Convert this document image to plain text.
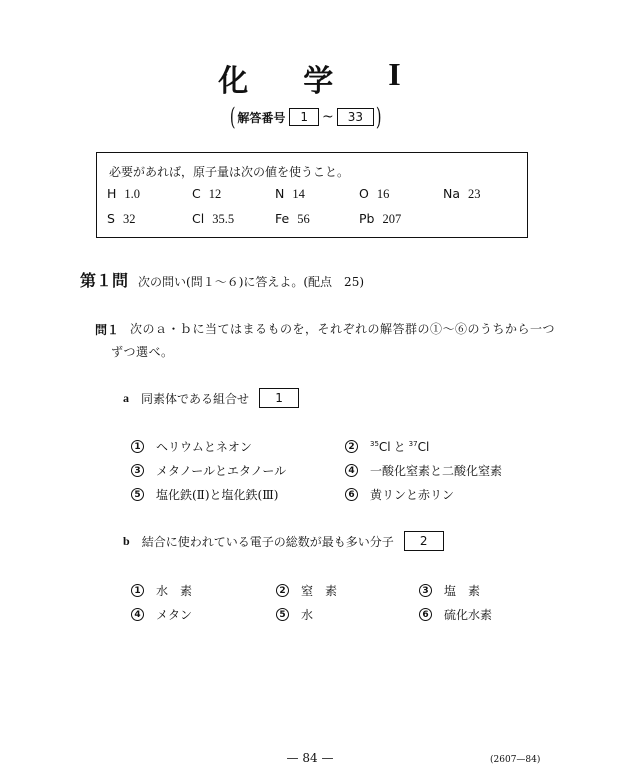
化 学 I
( 解答番号	1	~	33 )
必要があれば，原子量は次の値を使うこと。
H 1.0	C 12	N 14	O 16	Na 23
S 32	Cl 35.5	Fe 56	Pb 207
第１問 次の問い(問１～６)に答えよ。(配点　25)
問１ 次のａ・ｂに当てはまるものを，それぞれの解答群の①～⑥のうちから一つ
ずつ選べ。
a 同素体である組合せ	1
1 ヘリウムとネオン	2	$^{35}$Cl と $^{37}$Cl
3 メタノールとエタノール	4 一酸化窒素と二酸化窒素
5 塩化鉄(Ⅱ)と塩化鉄(Ⅲ)	6 黄リンと赤リン
b 結合に使われている電子の総数が最も多い分子	2
1 水　素	2 窒　素	3 塩　素
4 メタン	5 水	6 硫化水素
— 84 —	(2607—84)
